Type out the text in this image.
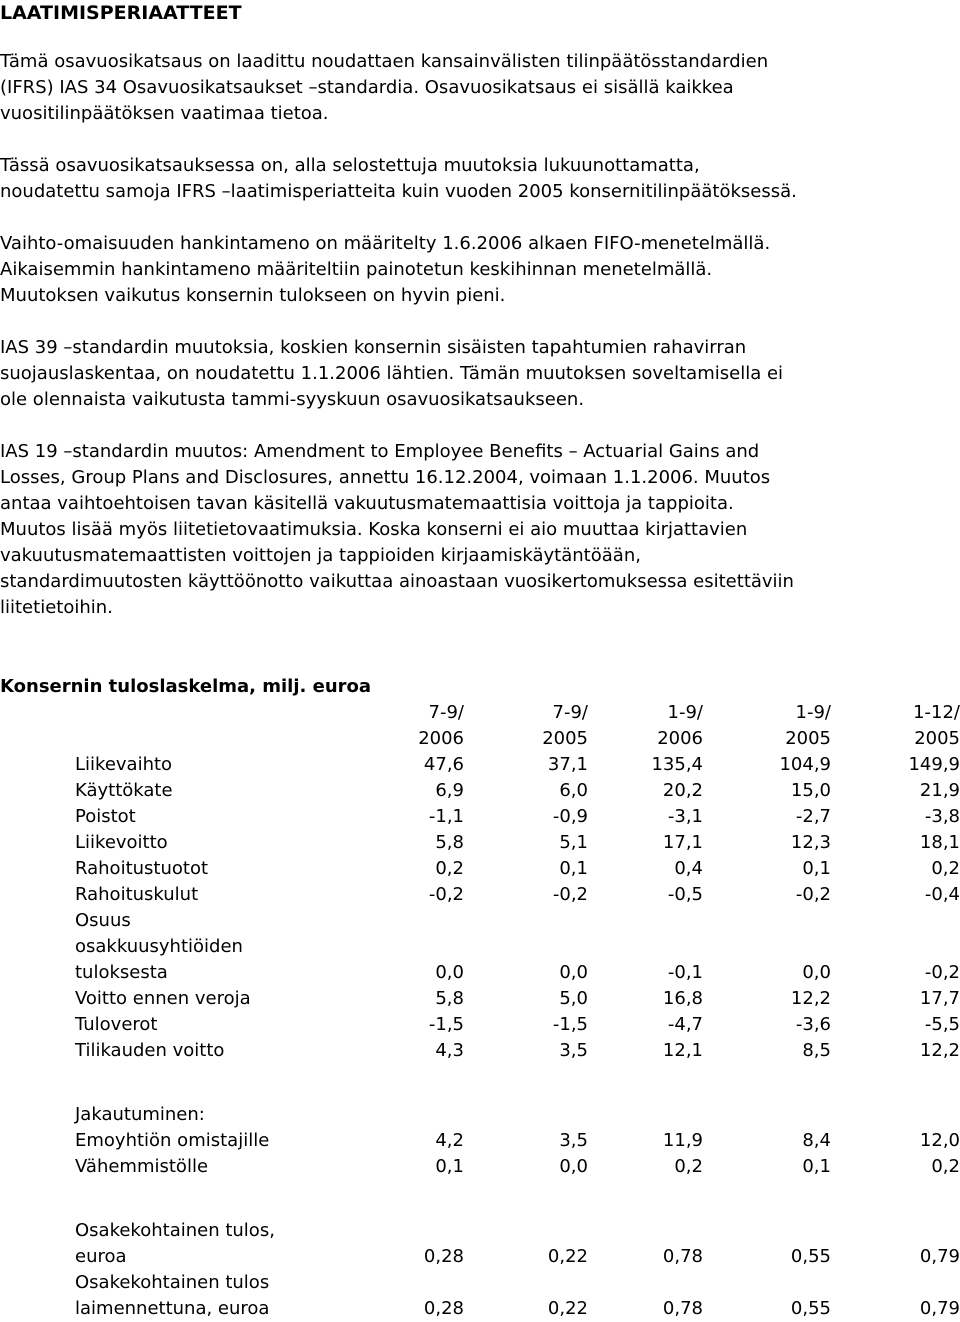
LAATIMISPERIAATTEET
Tämä osavuosikatsaus on laadittu noudattaen kansainvälisten tilinpäätösstandardien
(IFRS) IAS 34 Osavuosikatsaukset –standardia. Osavuosikatsaus ei sisällä kaikkea
vuositilinpäätöksen vaatimaa tietoa.
Tässä osavuosikatsauksessa on, alla selostettuja muutoksia lukuunottamatta,
noudatettu samoja IFRS –laatimisperiatteita kuin vuoden 2005 konsernitilinpäätöksessä.
Vaihto-omaisuuden hankintameno on määritelty 1.6.2006 alkaen FIFO-menetelmällä.
Aikaisemmin hankintameno määriteltiin painotetun keskihinnan menetelmällä.
Muutoksen vaikutus konsernin tulokseen on hyvin pieni.
IAS 39 –standardin muutoksia, koskien konsernin sisäisten tapahtumien rahavirran
suojauslaskentaa, on noudatettu 1.1.2006 lähtien. Tämän muutoksen soveltamisella ei
ole olennaista vaikutusta tammi-syyskuun osavuosikatsaukseen.
IAS 19 –standardin muutos: Amendment to Employee Benefits – Actuarial Gains and
Losses, Group Plans and Disclosures, annettu 16.12.2004, voimaan 1.1.2006. Muutos
antaa vaihtoehtoisen tavan käsitellä vakuutusmatemaattisia voittoja ja tappioita.
Muutos lisää myös liitetietovaatimuksia. Koska konserni ei aio muuttaa kirjattavien
vakuutusmatemaattisten voittojen ja tappioiden kirjaamiskäytäntöään,
standardimuutosten käyttöönotto vaikuttaa ainoastaan vuosikertomuksessa esitettäviin
liitetietoihin.
Konsernin tuloslaskelma, milj. euroa
	7-9/	7-9/	1-9/	1-9/	1-12/
	2006	2005	2006	2005	2005
Liikevaihto	47,6	37,1	135,4	104,9	149,9
Käyttökate	6,9	6,0	20,2	15,0	21,9
Poistot	-1,1	-0,9	-3,1	-2,7	-3,8
Liikevoitto	5,8	5,1	17,1	12,3	18,1
Rahoitustuotot	0,2	0,1	0,4	0,1	0,2
Rahoituskulut	-0,2	-0,2	-0,5	-0,2	-0,4
Osuus					
osakkuusyhtiöiden					
tuloksesta	0,0	0,0	-0,1	0,0	-0,2
Voitto ennen veroja	5,8	5,0	16,8	12,2	17,7
Tuloverot	-1,5	-1,5	-4,7	-3,6	-5,5
Tilikauden voitto	4,3	3,5	12,1	8,5	12,2

Jakautuminen:					
Emoyhtiön omistajille	4,2	3,5	11,9	8,4	12,0
Vähemmistölle	0,1	0,0	0,2	0,1	0,2

Osakekohtainen tulos,					
euroa	0,28	0,22	0,78	0,55	0,79
Osakekohtainen tulos					
laimennettuna, euroa	0,28	0,22	0,78	0,55	0,79
